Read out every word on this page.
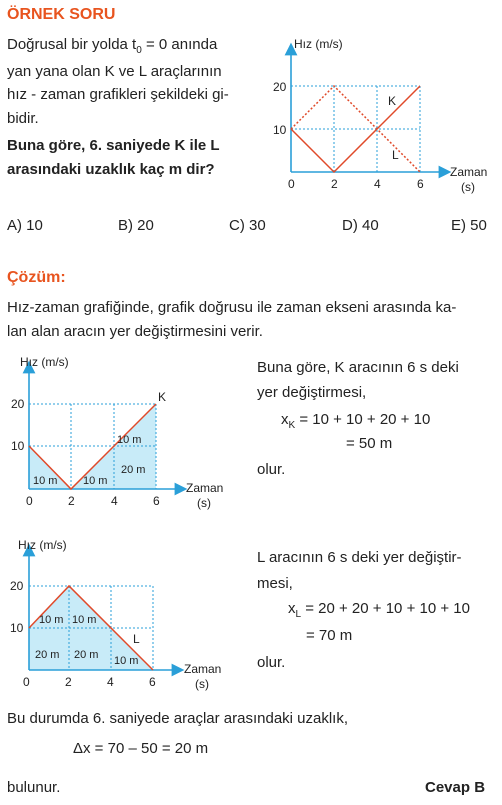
ÖRNEK SORU
Doğrusal bir yolda $t_0 = 0$ anında
yan yana olan K ve L araçlarının
hız - zaman grafikleri şekildeki gi-
bidir.
Buna göre, 6. saniyede K ile L
arasındaki uzaklık kaç m dir?
Hız (m/s)
20
10
0	2	4	6
K
L
Zaman
(s)
A) 10	B) 20	C) 30	D) 40	E) 50
Çözüm:
Hız-zaman grafiğinde, grafik doğrusu ile zaman ekseni arasında ka-
lan alan aracın yer değiştirmesini verir.
Hız (m/s)
20
10
0	2	4	6
K
10 m 10 m
10 m
20 m
Zaman
(s)
Buna göre, K aracının 6 s deki
yer değiştirmesi,
$x_K = 10 + 10 + 20 + 10$
= 50 m
olur.
Hız (m/s)
20
10
0	2	4	6
L
10 m 10 m
20 m 20 m 10 m
Zaman
(s)
L aracının 6 s deki yer değiştir-
mesi,
$x_L = 20 + 20 + 10 + 10 + 10$
= 70 m
olur.
Bu durumda 6. saniyede araçlar arasındaki uzaklık,
Δx = 70 – 50 = 20 m
bulunur.	Cevap B
